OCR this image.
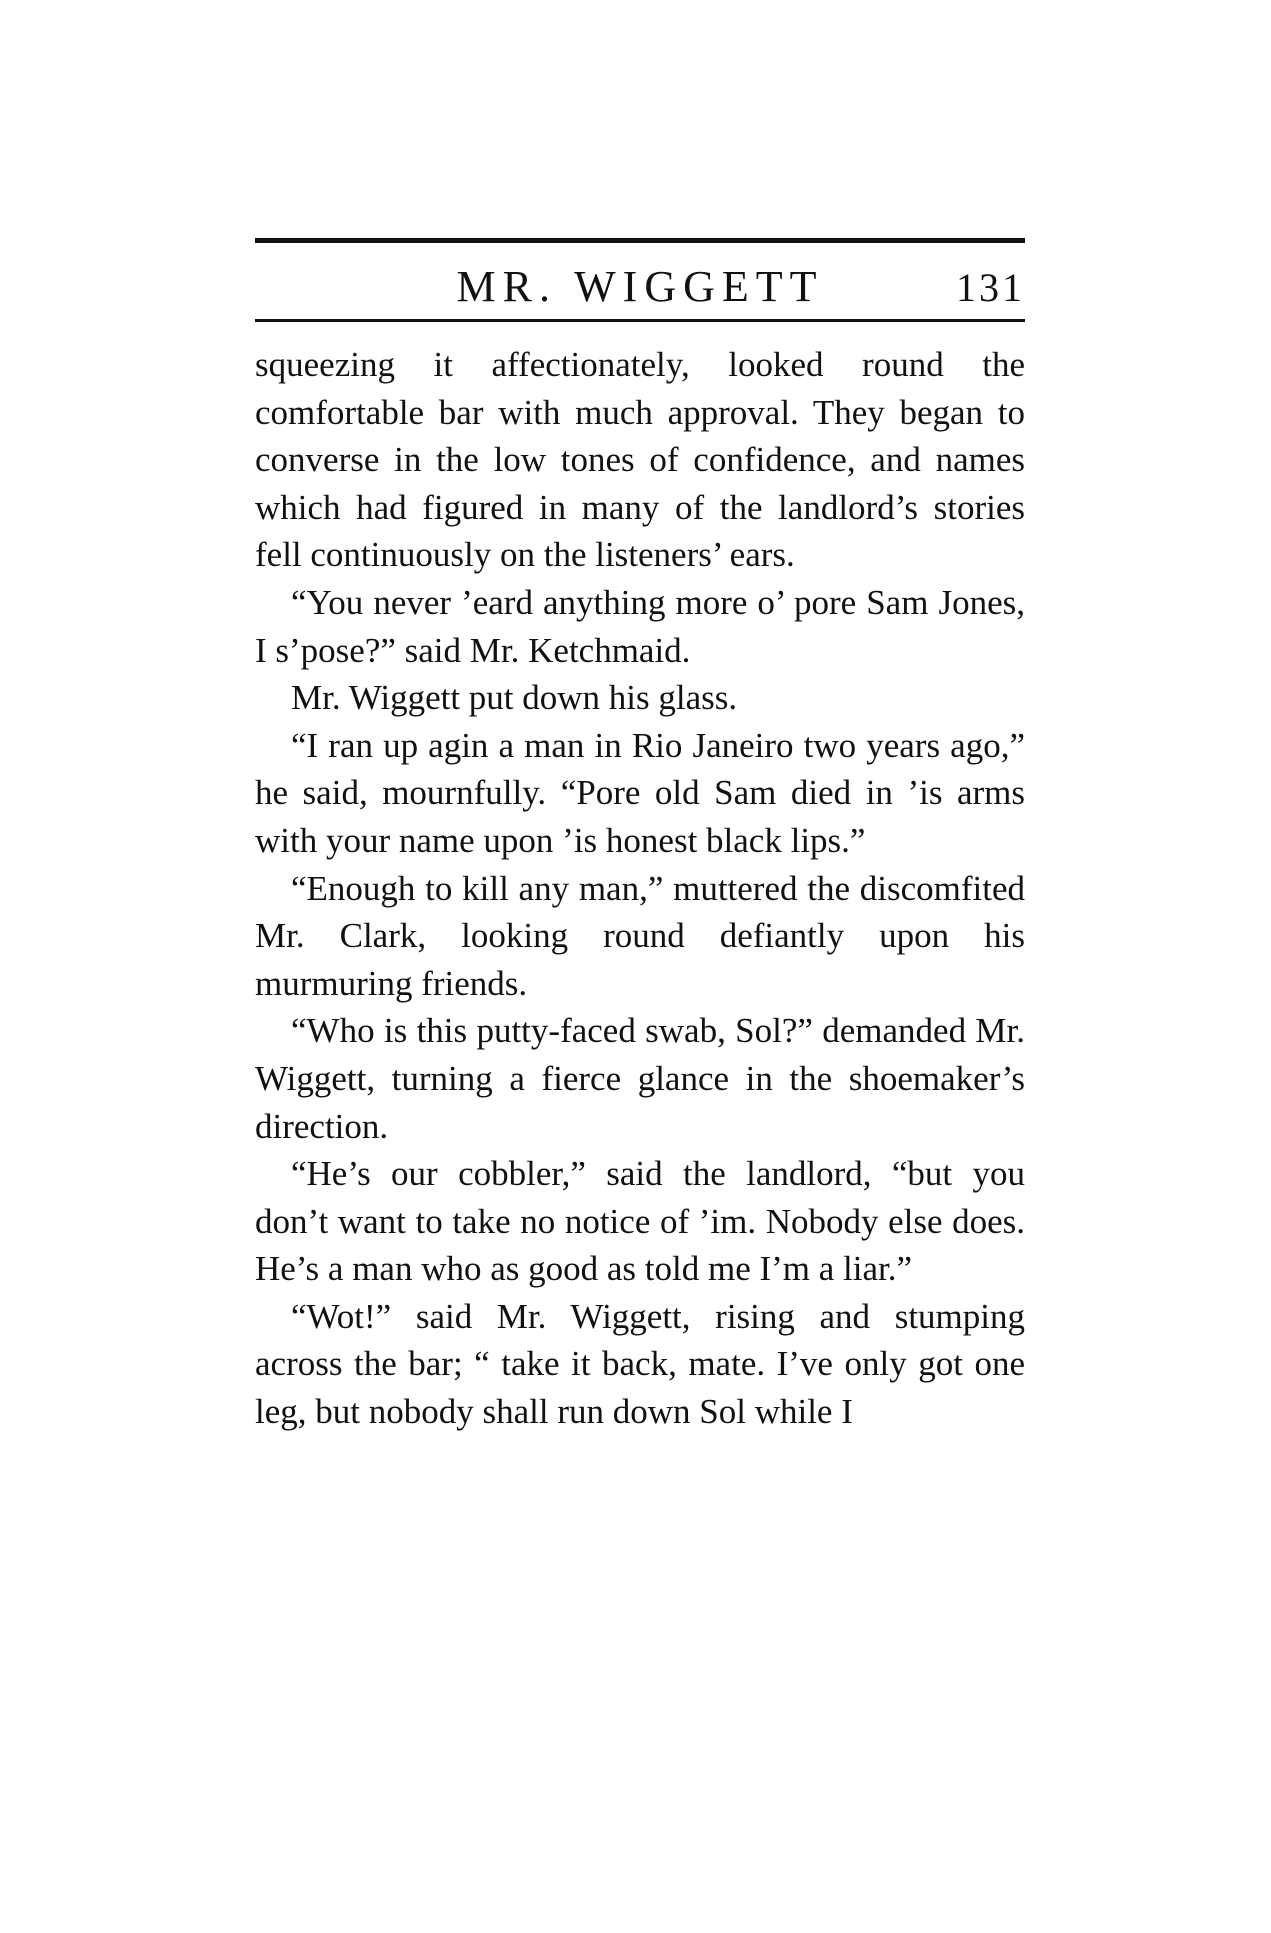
MR. WIGGETT	131

squeezing it affectionately, looked round the comfortable bar with much approval. They began to converse in the low tones of confidence, and names which had figured in many of the landlord’s stories fell continuously on the listeners’ ears.

“You never ’eard anything more o’ pore Sam Jones, I s’pose?” said Mr. Ketchmaid.

Mr. Wiggett put down his glass.

“I ran up agin a man in Rio Janeiro two years ago,” he said, mournfully. “Pore old Sam died in ’is arms with your name upon ’is honest black lips.”

“Enough to kill any man,” muttered the discomfited Mr. Clark, looking round defiantly upon his murmuring friends.

“Who is this putty-faced swab, Sol?” demanded Mr. Wiggett, turning a fierce glance in the shoemaker’s direction.

“He’s our cobbler,” said the landlord, “but you don’t want to take no notice of ’im. Nobody else does. He’s a man who as good as told me I’m a liar.”

“Wot!” said Mr. Wiggett, rising and stumping across the bar; “ take it back, mate. I’ve only got one leg, but nobody shall run down Sol while I
